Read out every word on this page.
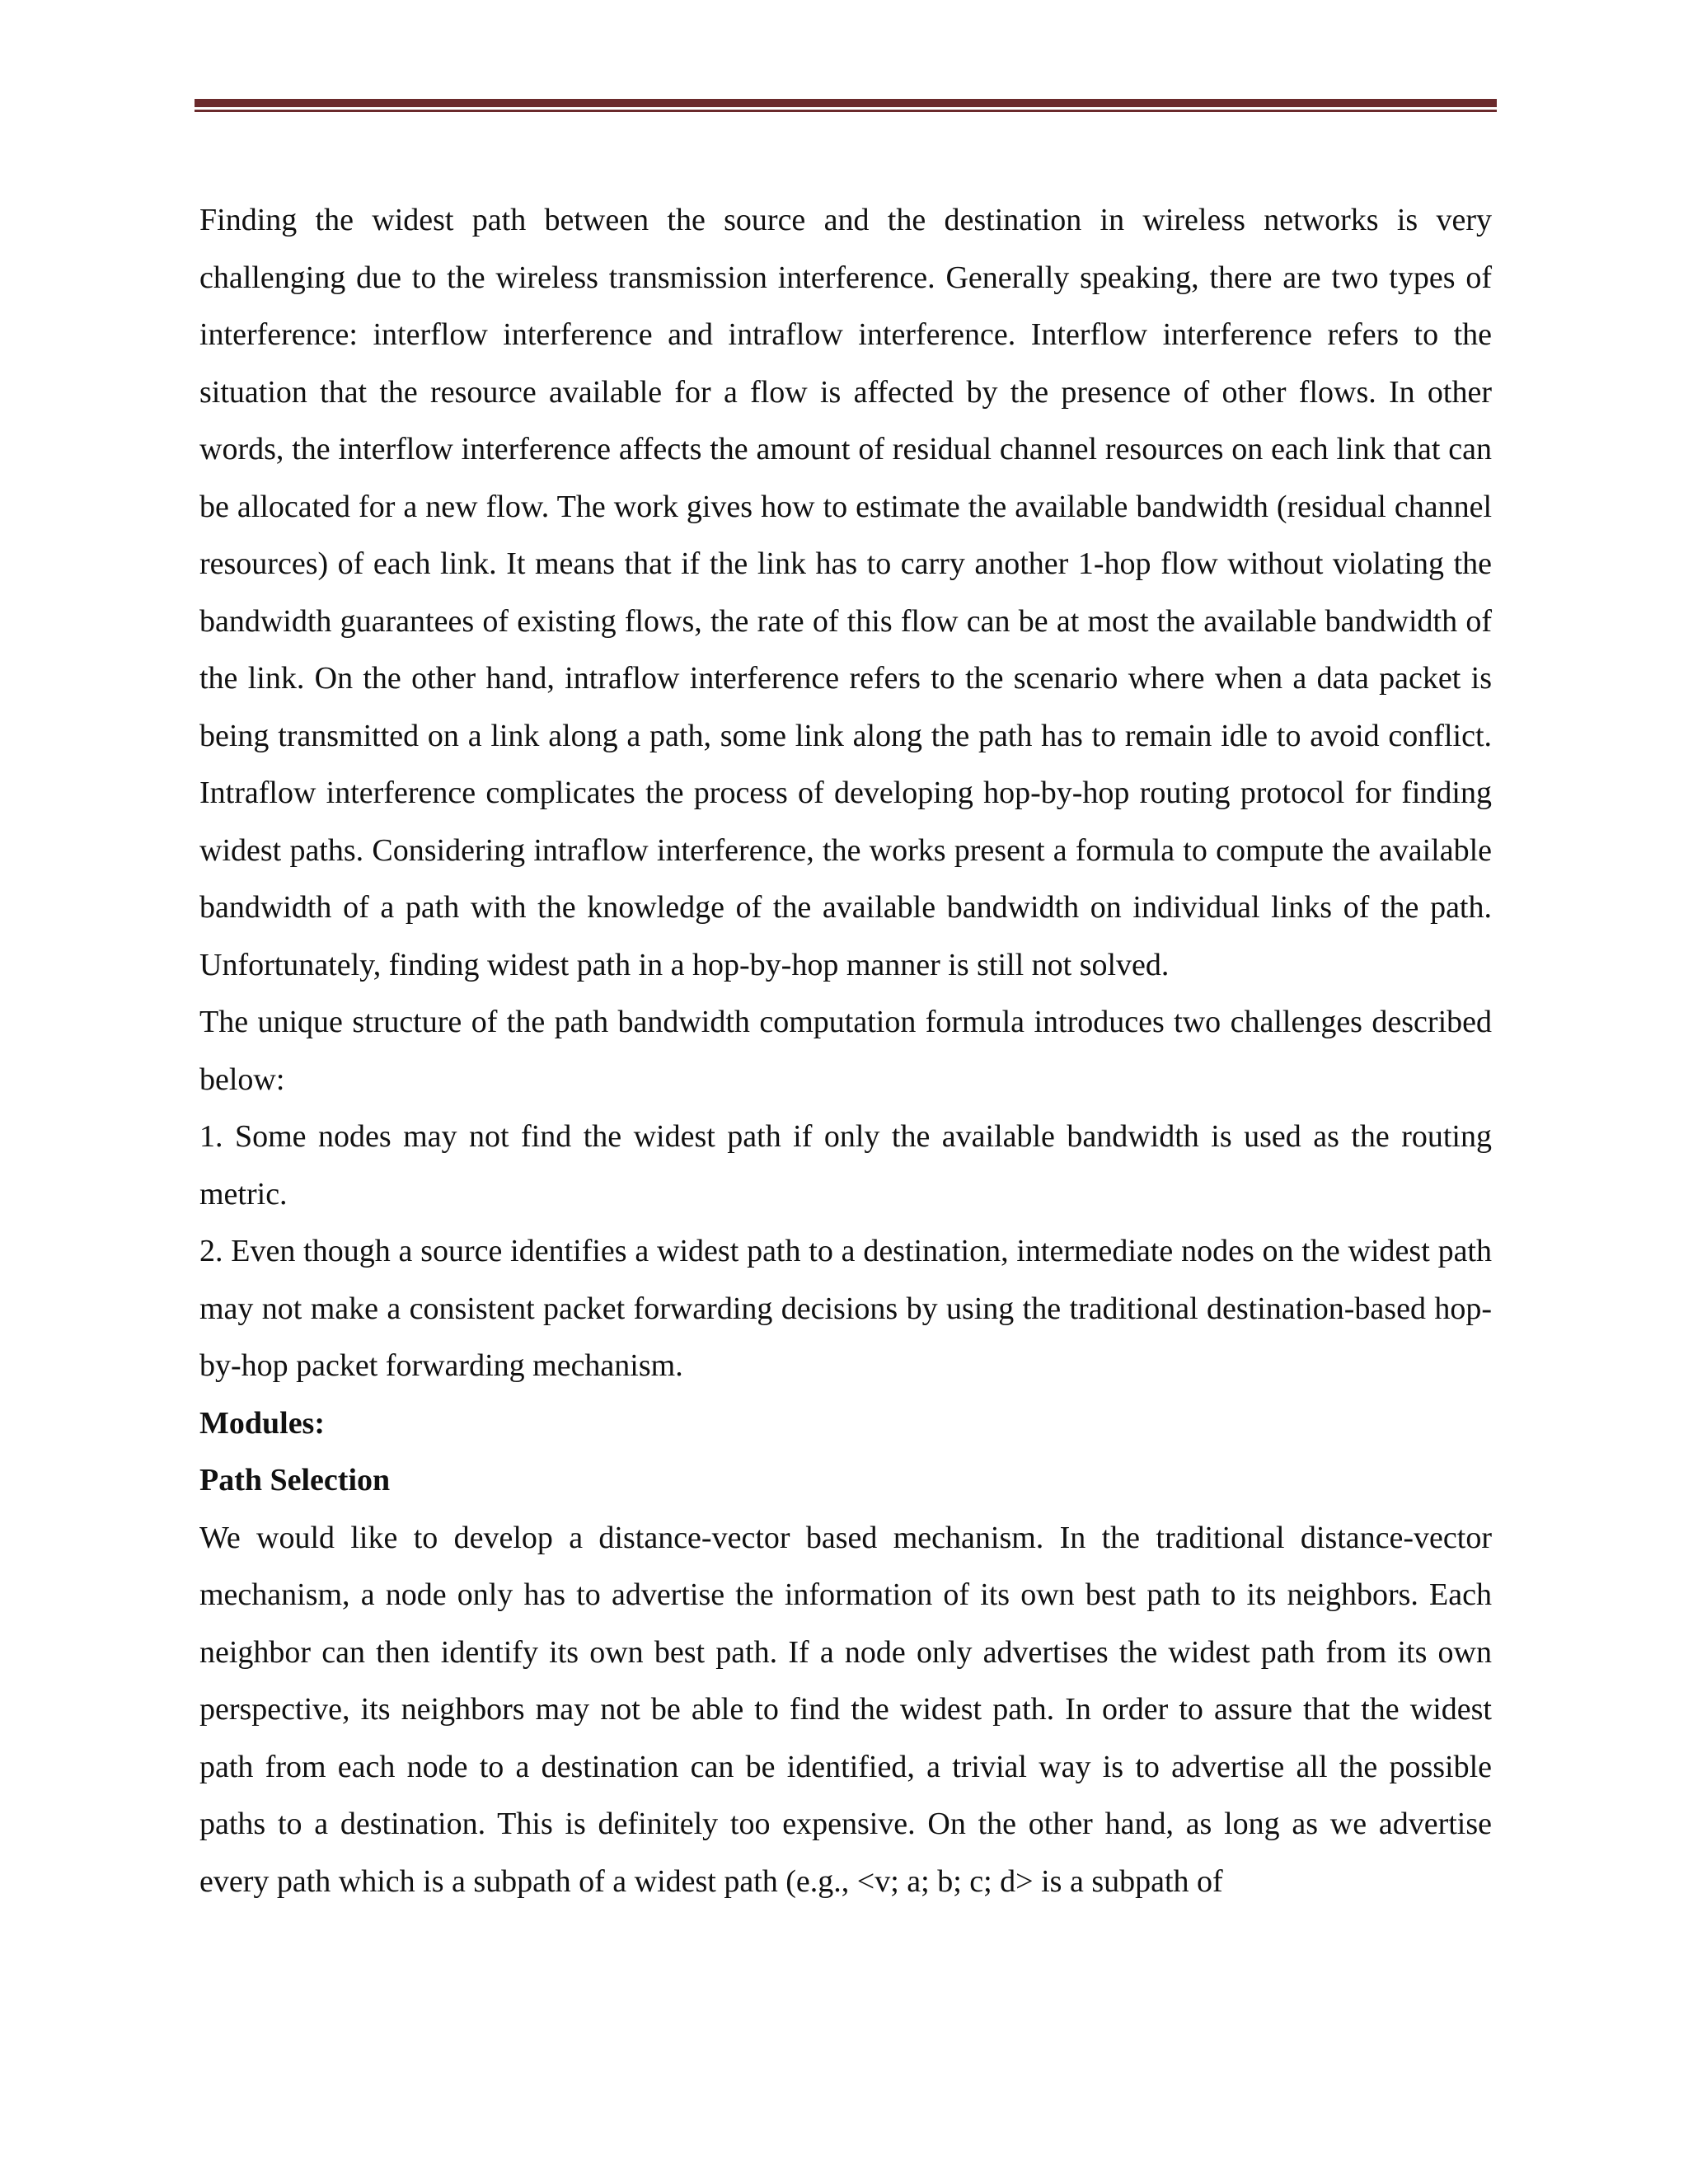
Finding the widest path between the source and the destination in wireless networks is very challenging due to the wireless transmission interference. Generally speaking, there are two types of interference: interflow interference and intraflow interference. Interflow interference refers to the situation that the resource available for a flow is affected by the presence of other flows. In other words, the interflow interference affects the amount of residual channel resources on each link that can be allocated for a new flow. The work gives how to estimate the available bandwidth (residual channel resources) of each link. It means that if the link has to carry another 1-hop flow without violating the bandwidth guarantees of existing flows, the rate of this flow can be at most the available bandwidth of the link. On the other hand, intraflow interference refers to the scenario where when a data packet is being transmitted on a link along a path, some link along the path has to remain idle to avoid conflict. Intraflow interference complicates the process of developing hop-by-hop routing protocol for finding widest paths. Considering intraflow interference, the works present a formula to compute the available bandwidth of a path with the knowledge of the available bandwidth on individual links of the path. Unfortunately, finding widest path in a hop-by-hop manner is still not solved.

The unique structure of the path bandwidth computation formula introduces two challenges described below:

1. Some nodes may not find the widest path if only the available bandwidth is used as the routing metric.

2. Even though a source identifies a widest path to a destination, intermediate nodes on the widest path may not make a consistent packet forwarding decisions by using the traditional destination-based hop-by-hop packet forwarding mechanism.

Modules:

Path Selection

We would like to develop a distance-vector based mechanism. In the traditional distance-vector mechanism, a node only has to advertise the information of its own best path to its neighbors. Each neighbor can then identify its own best path. If a node only advertises the widest path from its own perspective, its neighbors may not be able to find the widest path. In order to assure that the widest path from each node to a destination can be identified, a trivial way is to advertise all the possible paths to a destination. This is definitely too expensive. On the other hand, as long as we advertise every path which is a subpath of a widest path (e.g., <v; a; b; c; d> is a subpath of
